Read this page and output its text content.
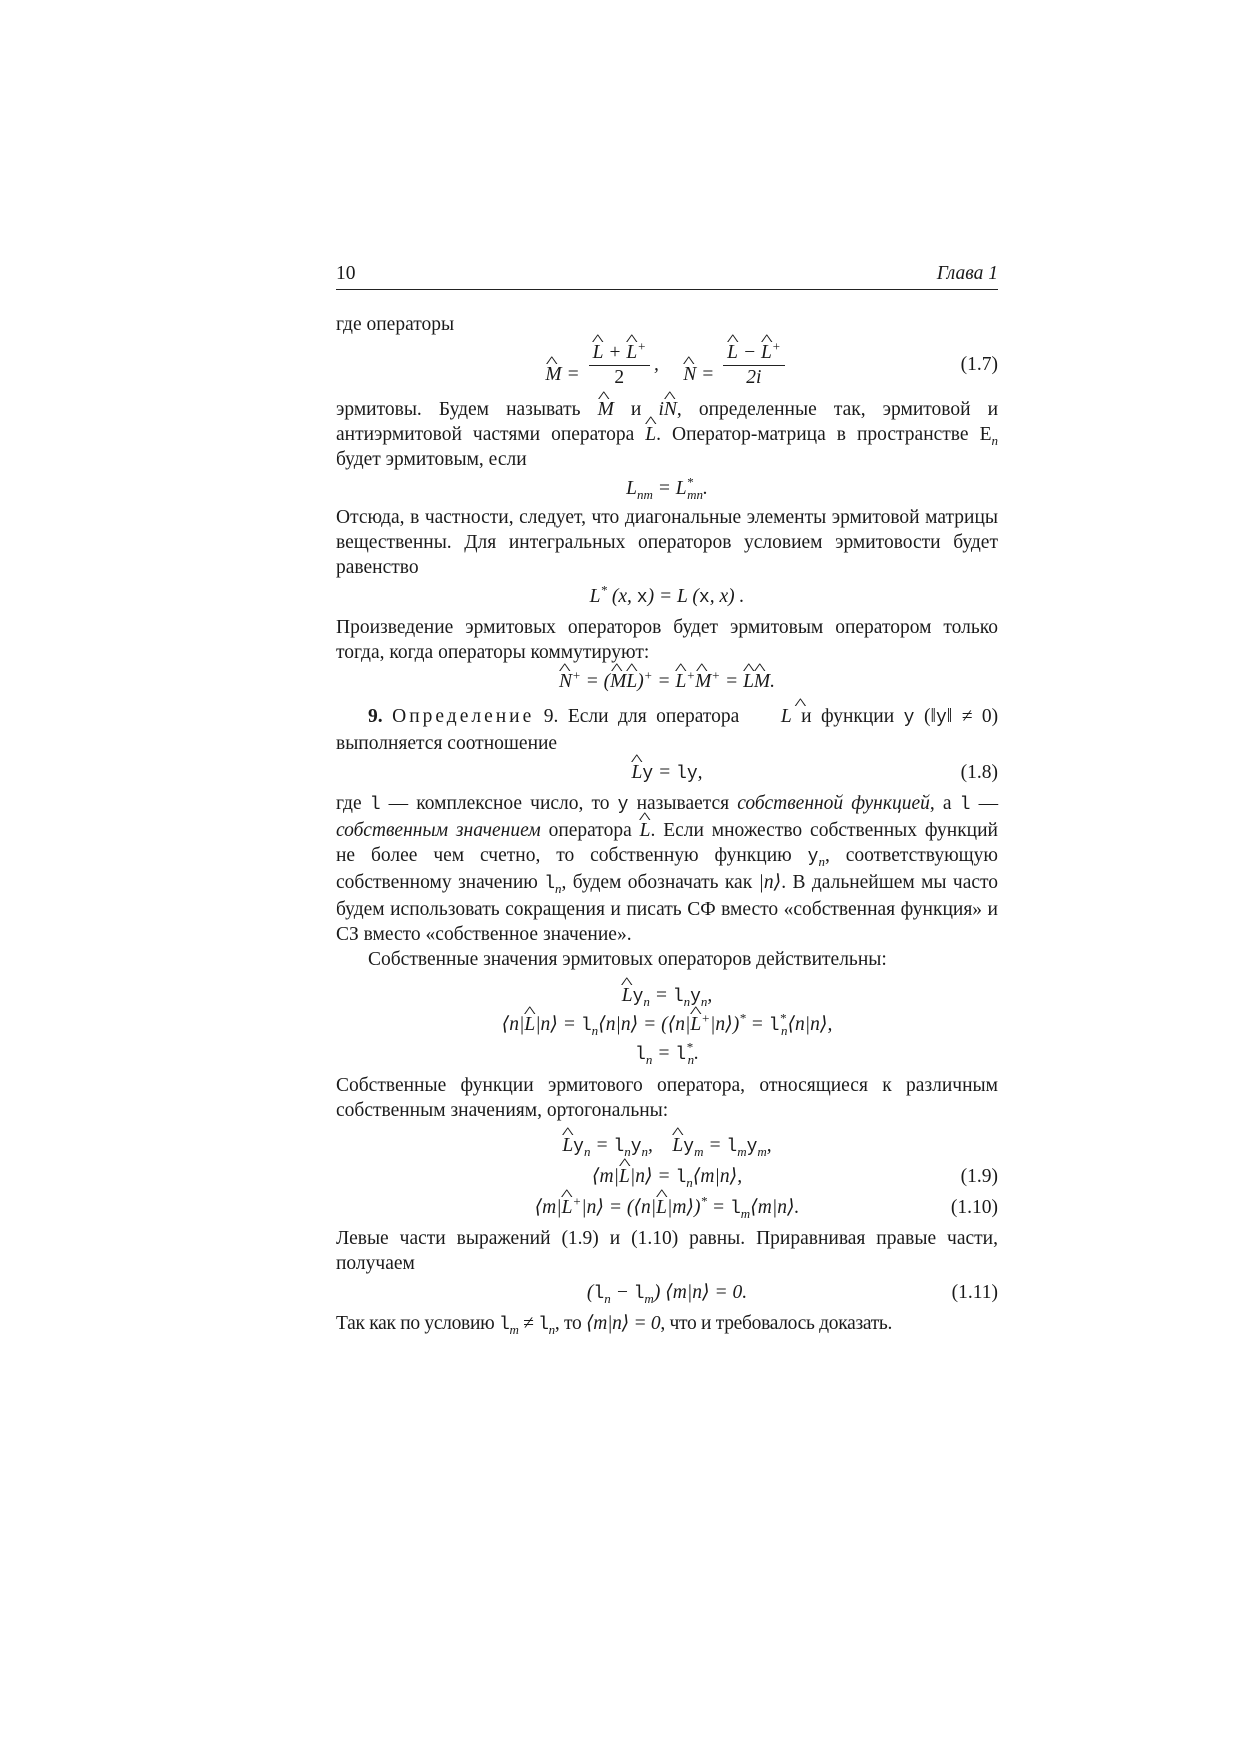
10	Глава 1

где операторы

^ M = ^ $\frac{L + \^{} L^+}{2}$ ,     ^ N = ^ $\frac{L - \^{} L^+}{2i}$	(1.7)

эрмитовы. Будем называть ^ M и i^ N, определенные так, эрмитовой и антиэрмитовой частями оператора ^ L. Оператор-матрица в пространстве $E_n$ будет эрмитовым, если

$L_{nm} = L^*_{mn}$.

Отсюда, в частности, следует, что диагональные элементы эрмитовой матрицы вещественны. Для интегральных операторов условием эрмитовости будет равенство

L* (x, x) = L (x, x) .

Произведение эрмитовых операторов будет эрмитовым оператором только тогда, когда операторы коммутируют:

^ N+ = (^ M^ L)+ = ^ L+^ M+ = ^ L^ M.

9. Определение 9. Если для оператора ^ L и функции y (‖y‖ ≠ 0) выполняется соотношение

^ Ly = ly,	(1.8)

где l — комплексное число, то y называется собственной функцией, а l — собственным значением оператора ^ L. Если множество собственных функций не более чем счетно, то собственную функцию $y_n$, соответствующую собственному значению $l_n$, будем обозначать как |n⟩. В дальнейшем мы часто будем использовать сокращения и писать СФ вместо «собственная функция» и СЗ вместо «собственное значение».

Собственные значения эрмитовых операторов действительны:

^ $Ly_n = l_ny_n$,
⟨n|^ L|n⟩ = $l_n⟨n|n⟩$ = (⟨n|^ L+|n⟩)* = $l^*_n⟨n|n⟩$,
$l_n = l^*_n$.

Собственные функции эрмитового оператора, относящиеся к различным собственным значениям, ортогональны:

^ $Ly_n = l_ny_n$,    ^ $Ly_m = l_my_m$,
⟨m|^ L|n⟩ = $l_n⟨m|n⟩$,	(1.9)
⟨m|^ L+|n⟩ = (⟨n|^ L|m⟩)* = $l_m⟨m|n⟩$.	(1.10)

Левые части выражений (1.9) и (1.10) равны. Приравнивая правые части, получаем

$(l_n - l_m)$ ⟨m|n⟩ = 0.	(1.11)

Так как по условию $l_m \ne l_n$, то ⟨m|n⟩ = 0, что и требовалось доказать.
